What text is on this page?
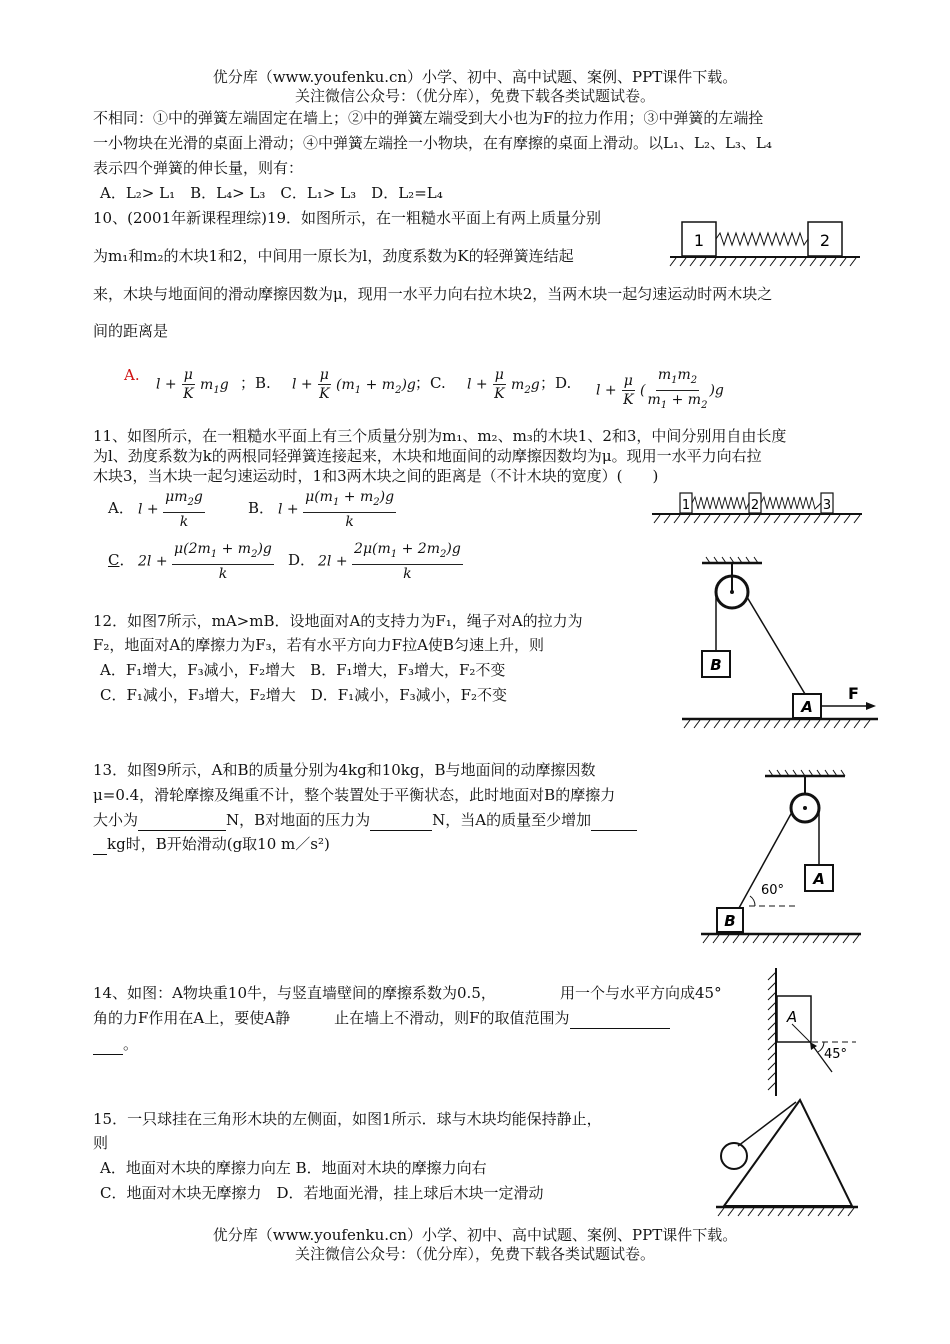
优分库（www.youfenku.cn）小学、初中、高中试题、案例、PPT课件下载。
关注微信公众号：（优分库），免费下载各类试题试卷。
不相同：①中的弹簧左端固定在墙上；②中的弹簧左端受到大小也为F的拉力作用；③中弹簧的左端拴
一小物块在光滑的桌面上滑动；④中弹簧左端拴一小物块，在有摩擦的桌面上滑动。以L₁、L₂、L₃、L₄
表示四个弹簧的伸长量，则有：
A．L₂> L₁　B．L₄> L₃　C．L₁> L₃　D．L₂=L₄
10、(2001年新课程理综)19．如图所示，在一粗糙水平面上有两上质量分别
为m₁和m₂的木块1和2，中间用一原长为l，劲度系数为K的轻弹簧连结起
来，木块与地面间的滑动摩擦因数为μ，现用一水平力向右拉木块2，当两木块一起匀速运动时两木块之
间的距离是
1	2
A.
$l + \frac{\mu}{K} m_1g$ ；B. $l + \frac{\mu}{K} (m_1 + m_2)g$ ；C. $l + \frac{\mu}{K} m_2g$ ；D. $l + \frac{\mu}{K}$ ( $\frac{m_1m_2}{m_1 + m_2} )g$
11、如图所示，在一粗糙水平面上有三个质量分别为m₁、m₂、m₃的木块1、2和3，中间分别用自由长度
为l、劲度系数为k的两根同轻弹簧连接起来，木块和地面间的动摩擦因数均为μ。现用一水平力向右拉
木块3，当木块一起匀速运动时，1和3两木块之间的距离是（不计木块的宽度）(　　)
A． $l + \frac{\mu m_2g}{k}$	B． $l + \frac{\mu(m_1 + m_2)g}{k}$
C． $2l + \frac{\mu(2m_1 + m_2)g}{k}$ D． $2l + \frac{2\mu(m_1 + 2m_2)g}{k}$
1	2	3
12．如图7所示，mA>mB．设地面对A的支持力为F₁，绳子对A的拉力为
F₂，地面对A的摩擦力为F₃，若有水平方向力F拉A使B匀速上升，则
A．F₁增大，F₃减小，F₂增大　B．F₁增大，F₃增大，F₂不变
C．F₁减小，F₃增大，F₂增大　D．F₁减小，F₃减小，F₂不变
B
A
F
13．如图9所示，A和B的质量分别为4kg和10kg，B与地面间的动摩擦因数
μ=0.4，滑轮摩擦及绳重不计，整个装置处于平衡状态，此时地面对B的摩擦力
大小为	N，B对地面的压力为	N，当A的质量至少增加
kg时，B开始滑动(g取10 m／s²)
A
B
60°
14、如图：A物块重10牛，与竖直墙壁间的摩擦系数为0.5，	用一个与水平方向成45°
角的力F作用在A上，要使A静	止在墙上不滑动，则F的取值范围为
。
A
45°
15．一只球挂在三角形木块的左侧面，如图1所示．球与木块均能保持静止，
则
A．地面对木块的摩擦力向左 B．地面对木块的摩擦力向右
C．地面对木块无摩擦力　D．若地面光滑，挂上球后木块一定滑动
优分库（www.youfenku.cn）小学、初中、高中试题、案例、PPT课件下载。
关注微信公众号：（优分库），免费下载各类试题试卷。
